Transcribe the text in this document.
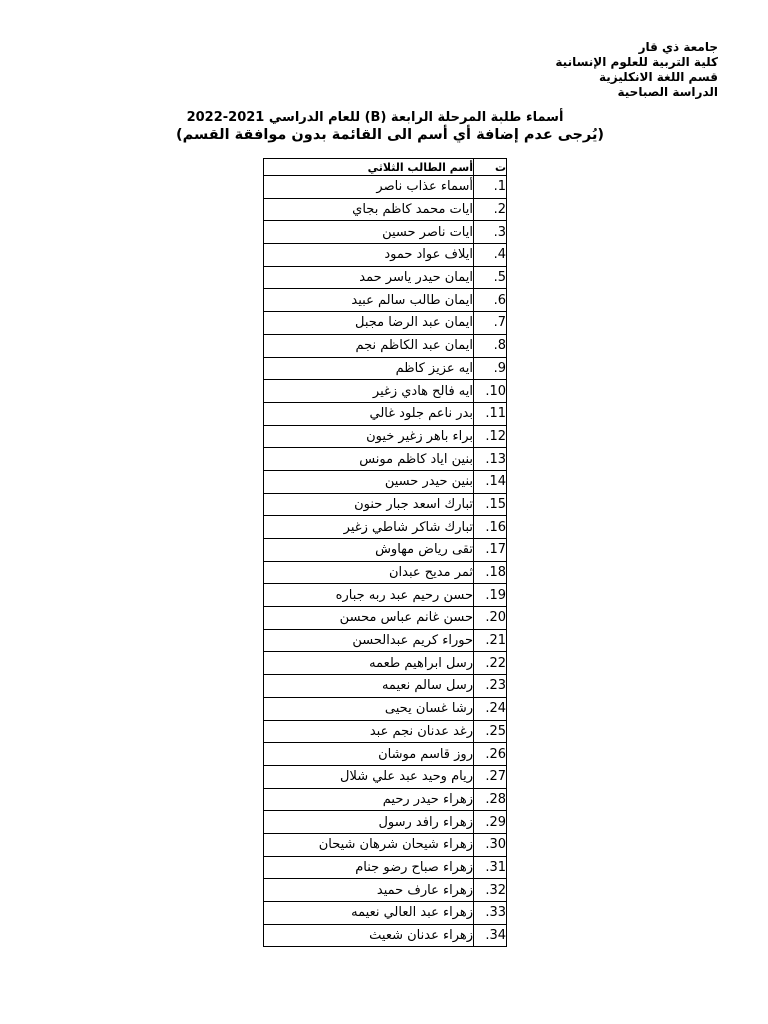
جامعة ذي قار
كلية التربية للعلوم الإنسانية
قسم اللغة الانكليزية
الدراسة الصباحية
أسماء طلبة المرحلة الرابعة (B) للعام الدراسي 2021-2022
(يُرجى عدم إضافة أي أسم الى القائمة بدون موافقة القسم)
ت	أسم الطالب الثلاثي
1.	أسماء عذاب ناصر
2.	ايات محمد كاظم بجاي
3.	ايات ناصر حسين
4.	ايلاف عواد حمود
5.	ايمان حيدر ياسر حمد
6.	ايمان طالب سالم عبيد
7.	ايمان عبد الرضا مجبل
8.	ايمان عبد الكاظم نجم
9.	ايه عزيز كاظم
10.	ايه فالح هادي زغير
11.	بدر ناعم جلود غالي
12.	براء باهر زغير خيون
13.	بنين اياد كاظم مونس
14.	بنين حيدر حسين
15.	تبارك اسعد جبار حنون
16.	تبارك شاكر شاطي زغير
17.	تقى رياض مهاوش
18.	ثمر مديح عبدان
19.	حسن رحيم عبد ربه جباره
20.	حسن غانم عباس محسن
21.	حوراء كريم عبدالحسن
22.	رسل ابراهيم طعمه
23.	رسل سالم نعيمه
24.	رشا غسان يحيى
25.	رغد عدنان نجم عبد
26.	روز قاسم موشان
27.	ريام وحيد عبد علي شلال
28.	زهراء حيدر رحيم
29.	زهراء رافد رسول
30.	زهراء شيحان شرهان شيحان
31.	زهراء صباح رضو جنام
32.	زهراء عارف حميد
33.	زهراء عبد العالي نعيمه
34.	زهراء عدنان شعيث
